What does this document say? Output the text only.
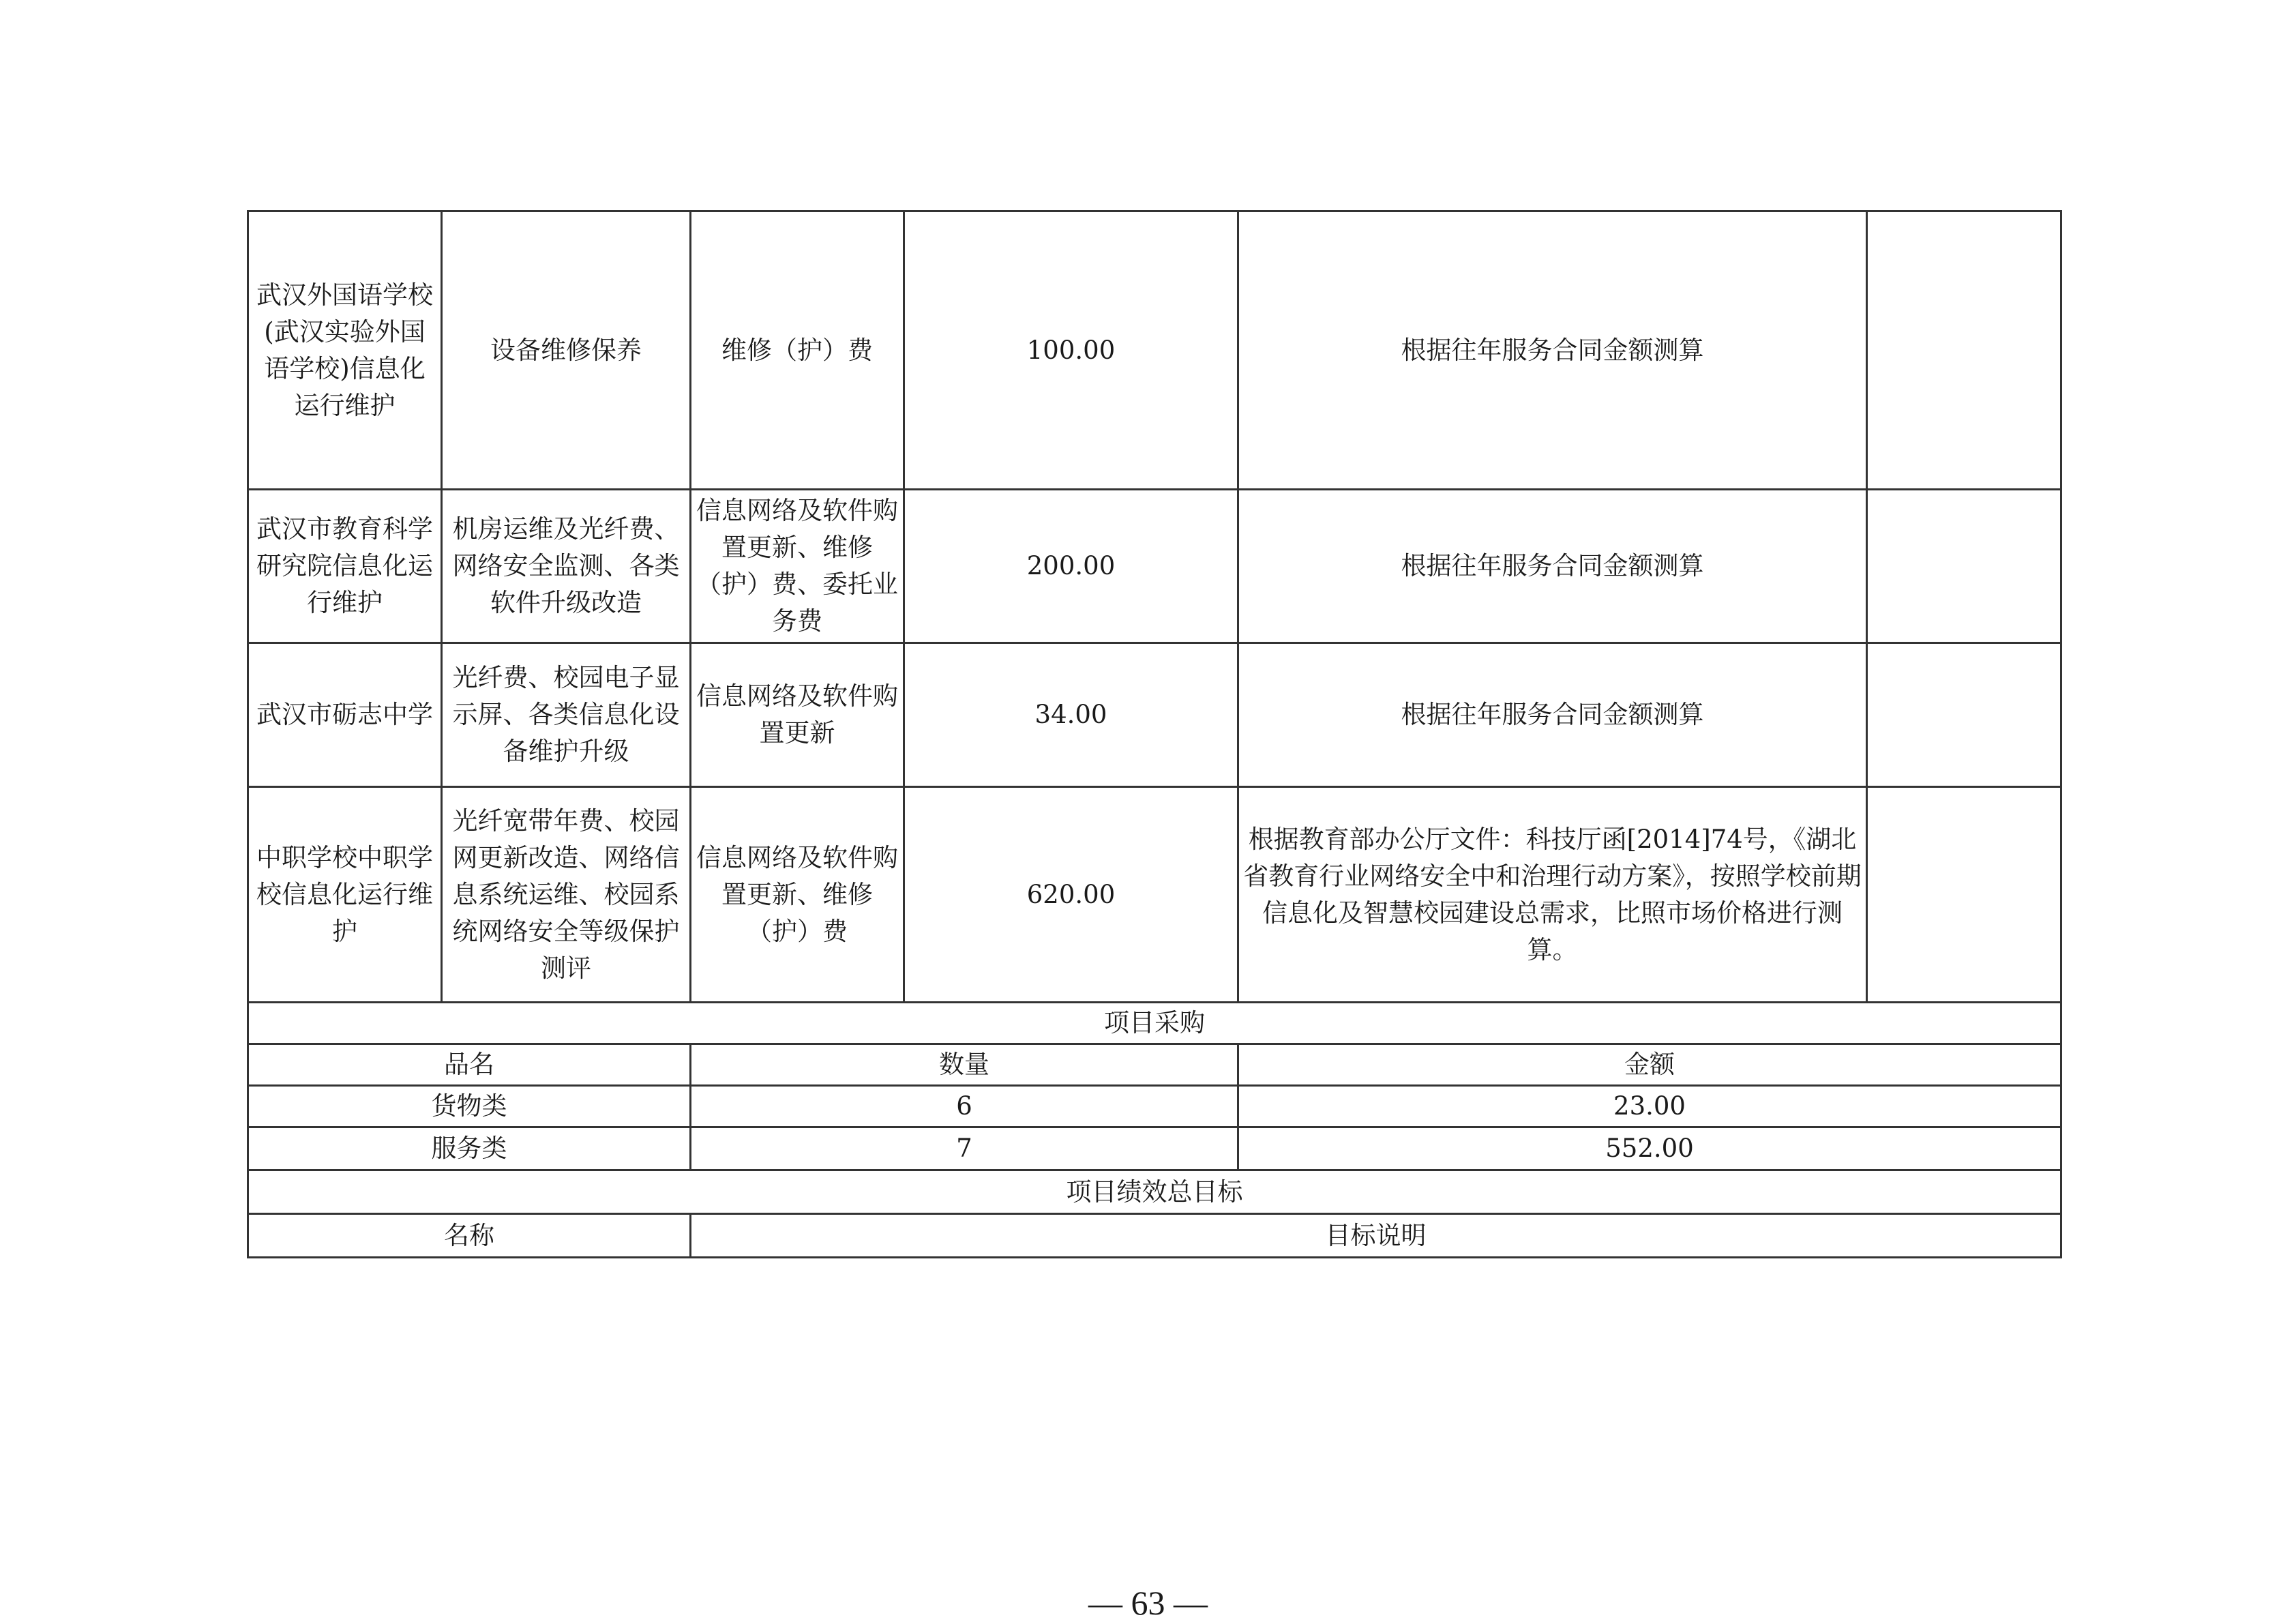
武汉外国语学校(武汉实验外国语学校)信息化运行维护	设备维修保养	维修（护）费	100.00	根据往年服务合同金额测算	
武汉市教育科学研究院信息化运行维护	机房运维及光纤费、网络安全监测、各类软件升级改造	信息网络及软件购置更新、维修（护）费、委托业务费	200.00	根据往年服务合同金额测算	
武汉市砺志中学	光纤费、校园电子显示屏、各类信息化设备维护升级	信息网络及软件购置更新	34.00	根据往年服务合同金额测算	
中职学校中职学校信息化运行维护	光纤宽带年费、校园网更新改造、网络信息系统运维、校园系统网络安全等级保护测评	信息网络及软件购置更新、维修（护）费	620.00	根据教育部办公厅文件：科技厅函[2014]74号，《湖北省教育行业网络安全中和治理行动方案》，按照学校前期信息化及智慧校园建设总需求，比照市场价格进行测算。	
项目采购					
品名		数量		金额	
货物类		6		23.00	
服务类		7		552.00	
项目绩效总目标					
名称		目标说明			
— 63 —
